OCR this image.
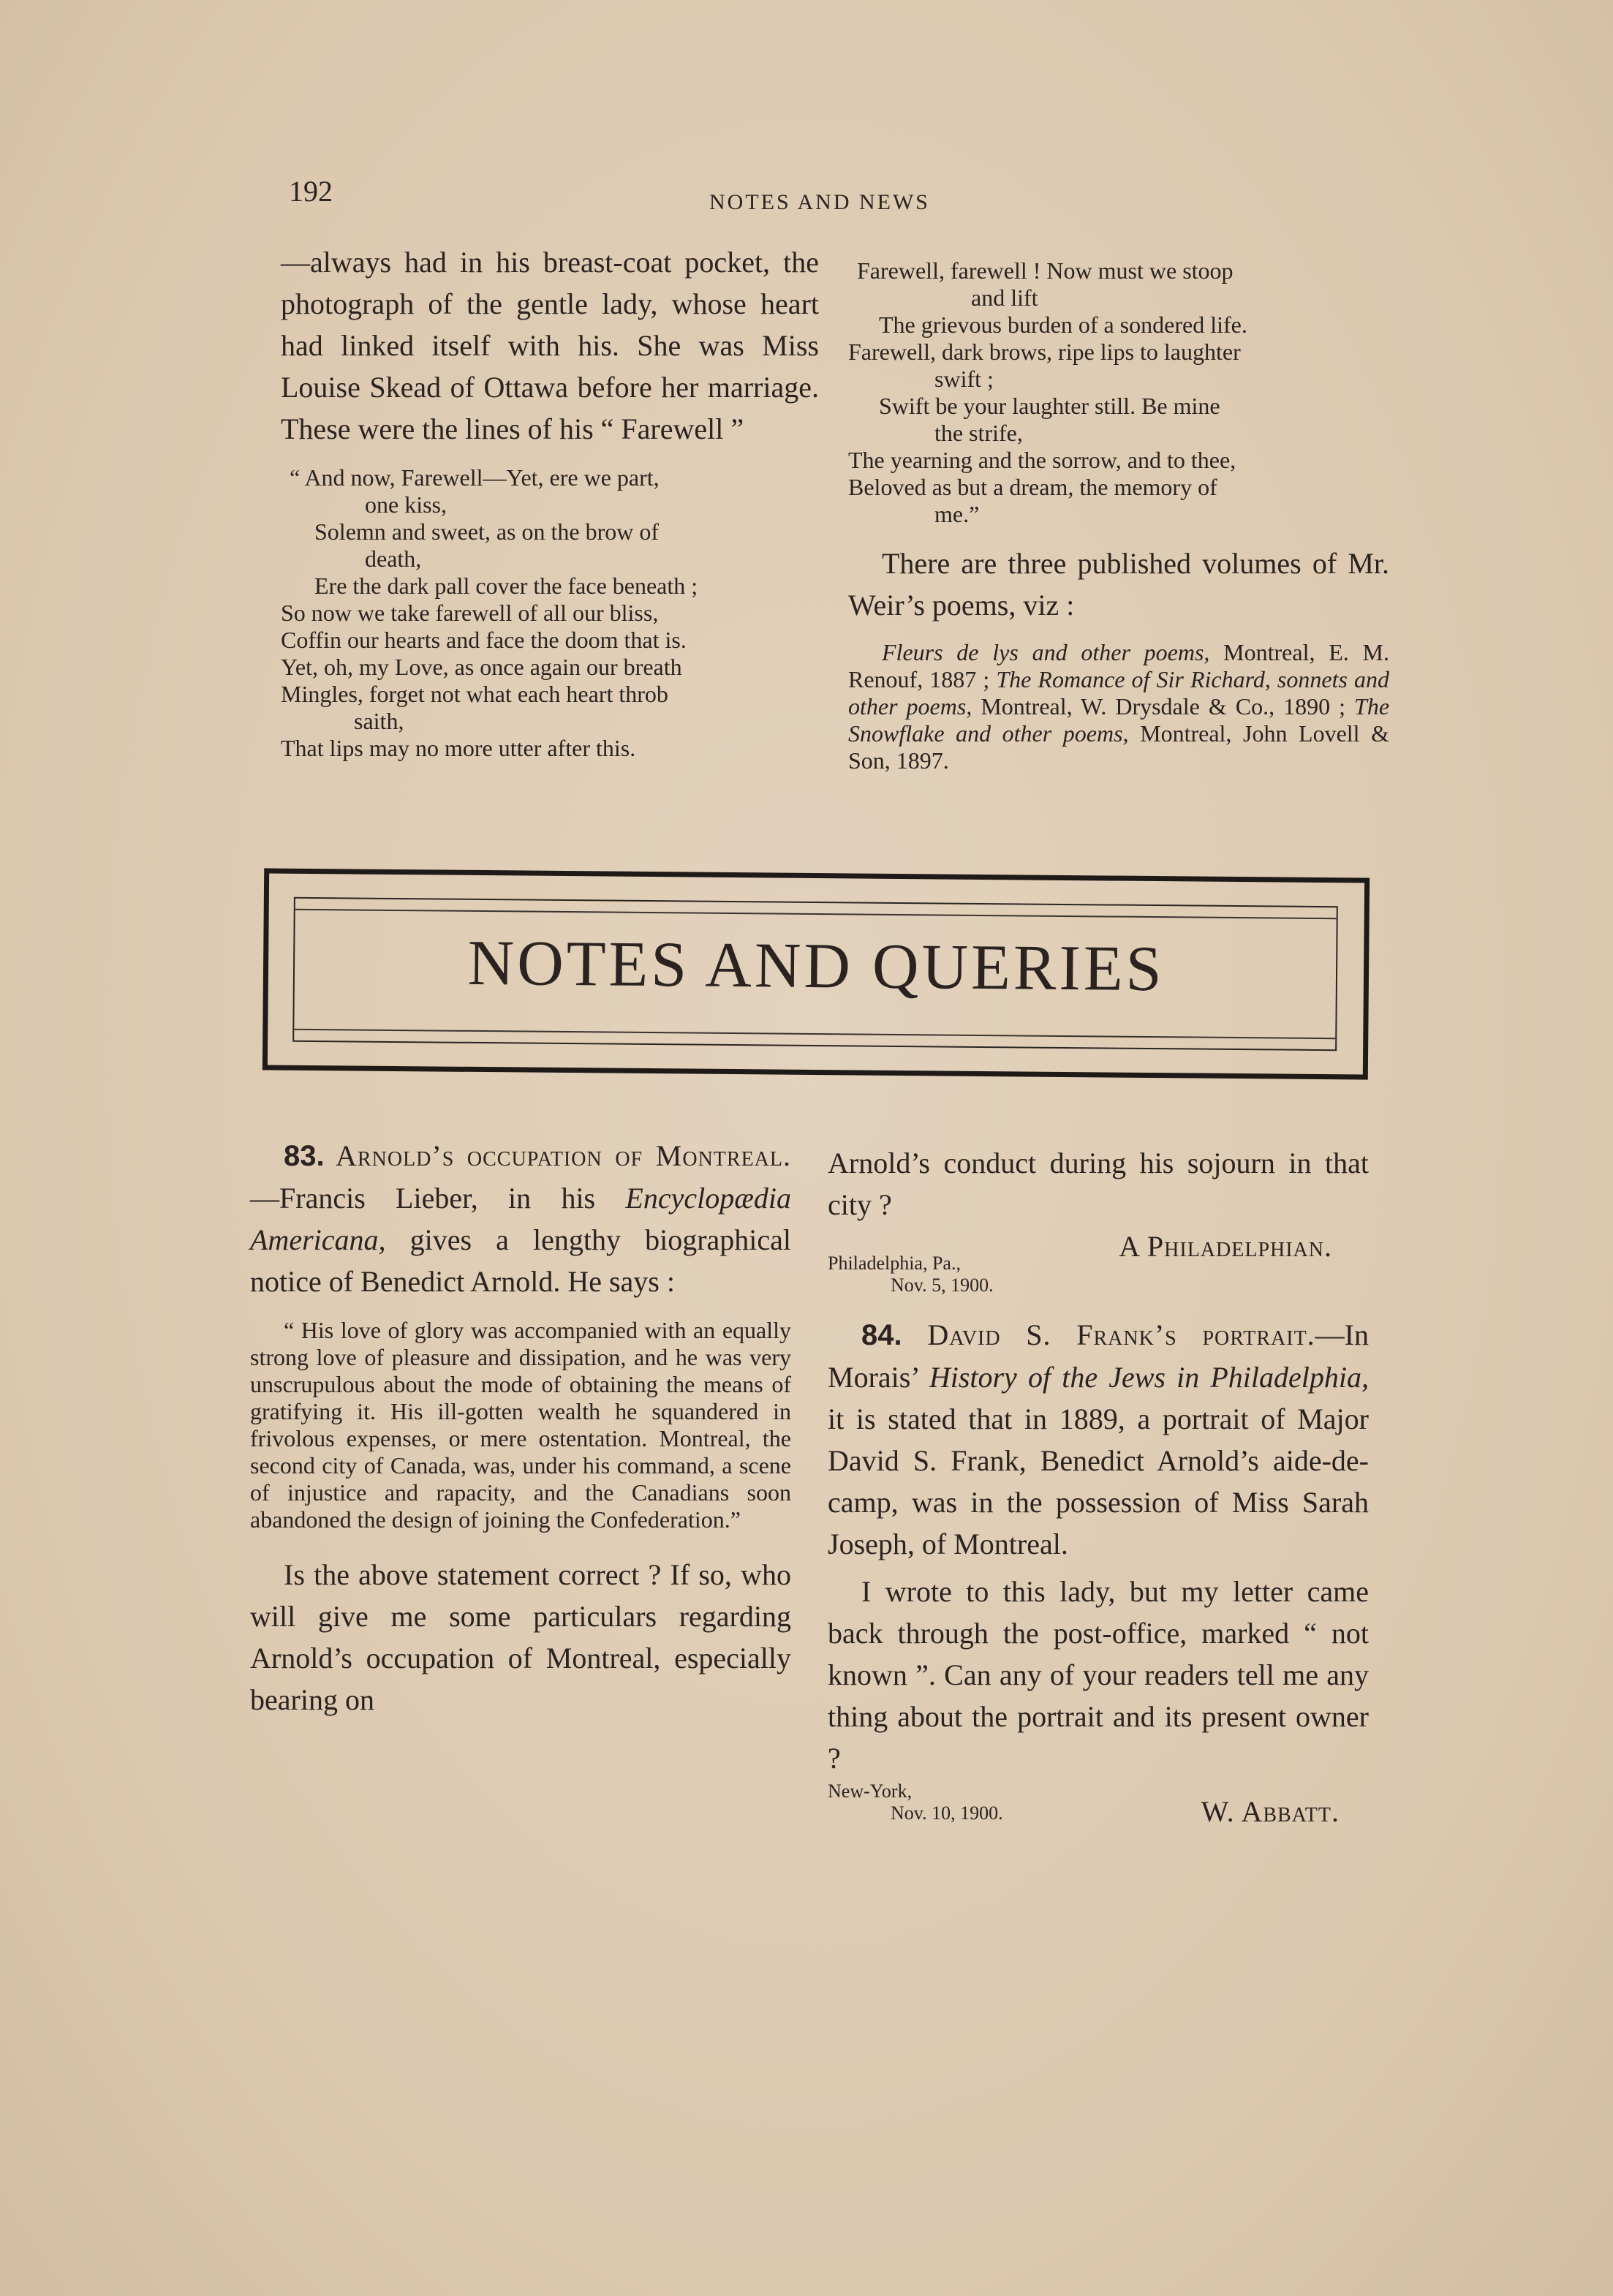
192	NOTES AND NEWS

—always had in his breast-coat pocket, the photograph of the gentle lady, whose heart had linked itself with his. She was Miss Louise Skead of Ottawa before her marriage. These were the lines of his “ Farewell ”

“ And now, Farewell—Yet, ere we part,

one kiss,

Solemn and sweet, as on the brow of

death,

Ere the dark pall cover the face beneath ;

So now we take farewell of all our bliss,

Coffin our hearts and face the doom that is.

Yet, oh, my Love, as once again our breath

Mingles, forget not what each heart throb

saith,

That lips may no more utter after this.

Farewell, farewell ! Now must we stoop

and lift

The grievous burden of a sondered life.

Farewell, dark brows, ripe lips to laughter

swift ;

Swift be your laughter still. Be mine

the strife,

The yearning and the sorrow, and to thee,

Beloved as but a dream, the memory of

me.”

There are three published volumes of Mr. Weir’s poems, viz :

Fleurs de lys and other poems, Montreal, E. M. Renouf, 1887 ; The Romance of Sir Richard, sonnets and other poems, Montreal, W. Drysdale & Co., 1890 ; The Snowflake and other poems, Montreal, John Lovell & Son, 1897.

NOTES AND QUERIES

83. Arnold’s occupation of Montreal.—Francis Lieber, in his Encyclopædia Americana, gives a lengthy biographical notice of Benedict Arnold. He says :

“ His love of glory was accompanied with an equally strong love of pleasure and dissipation, and he was very unscrupulous about the mode of obtaining the means of gratifying it. His ill-gotten wealth he squandered in frivolous expenses, or mere ostentation. Montreal, the second city of Canada, was, under his command, a scene of injustice and rapacity, and the Canadians soon abandoned the design of joining the Confederation.”

Is the above statement correct ? If so, who will give me some particulars regarding Arnold’s occupation of Montreal, especially bearing on

Arnold’s conduct during his sojourn in that city ?

A Philadelphian.

Philadelphia, Pa.,

Nov. 5, 1900.

84. David S. Frank’s portrait.—In Morais’ History of the Jews in Philadelphia, it is stated that in 1889, a portrait of Major David S. Frank, Benedict Arnold’s aide-de-camp, was in the possession of Miss Sarah Joseph, of Montreal.

I wrote to this lady, but my letter came back through the post-office, marked “ not known ”. Can any of your readers tell me any thing about the portrait and its present owner ?

New-York,

Nov. 10, 1900.	W. Abbatt.
